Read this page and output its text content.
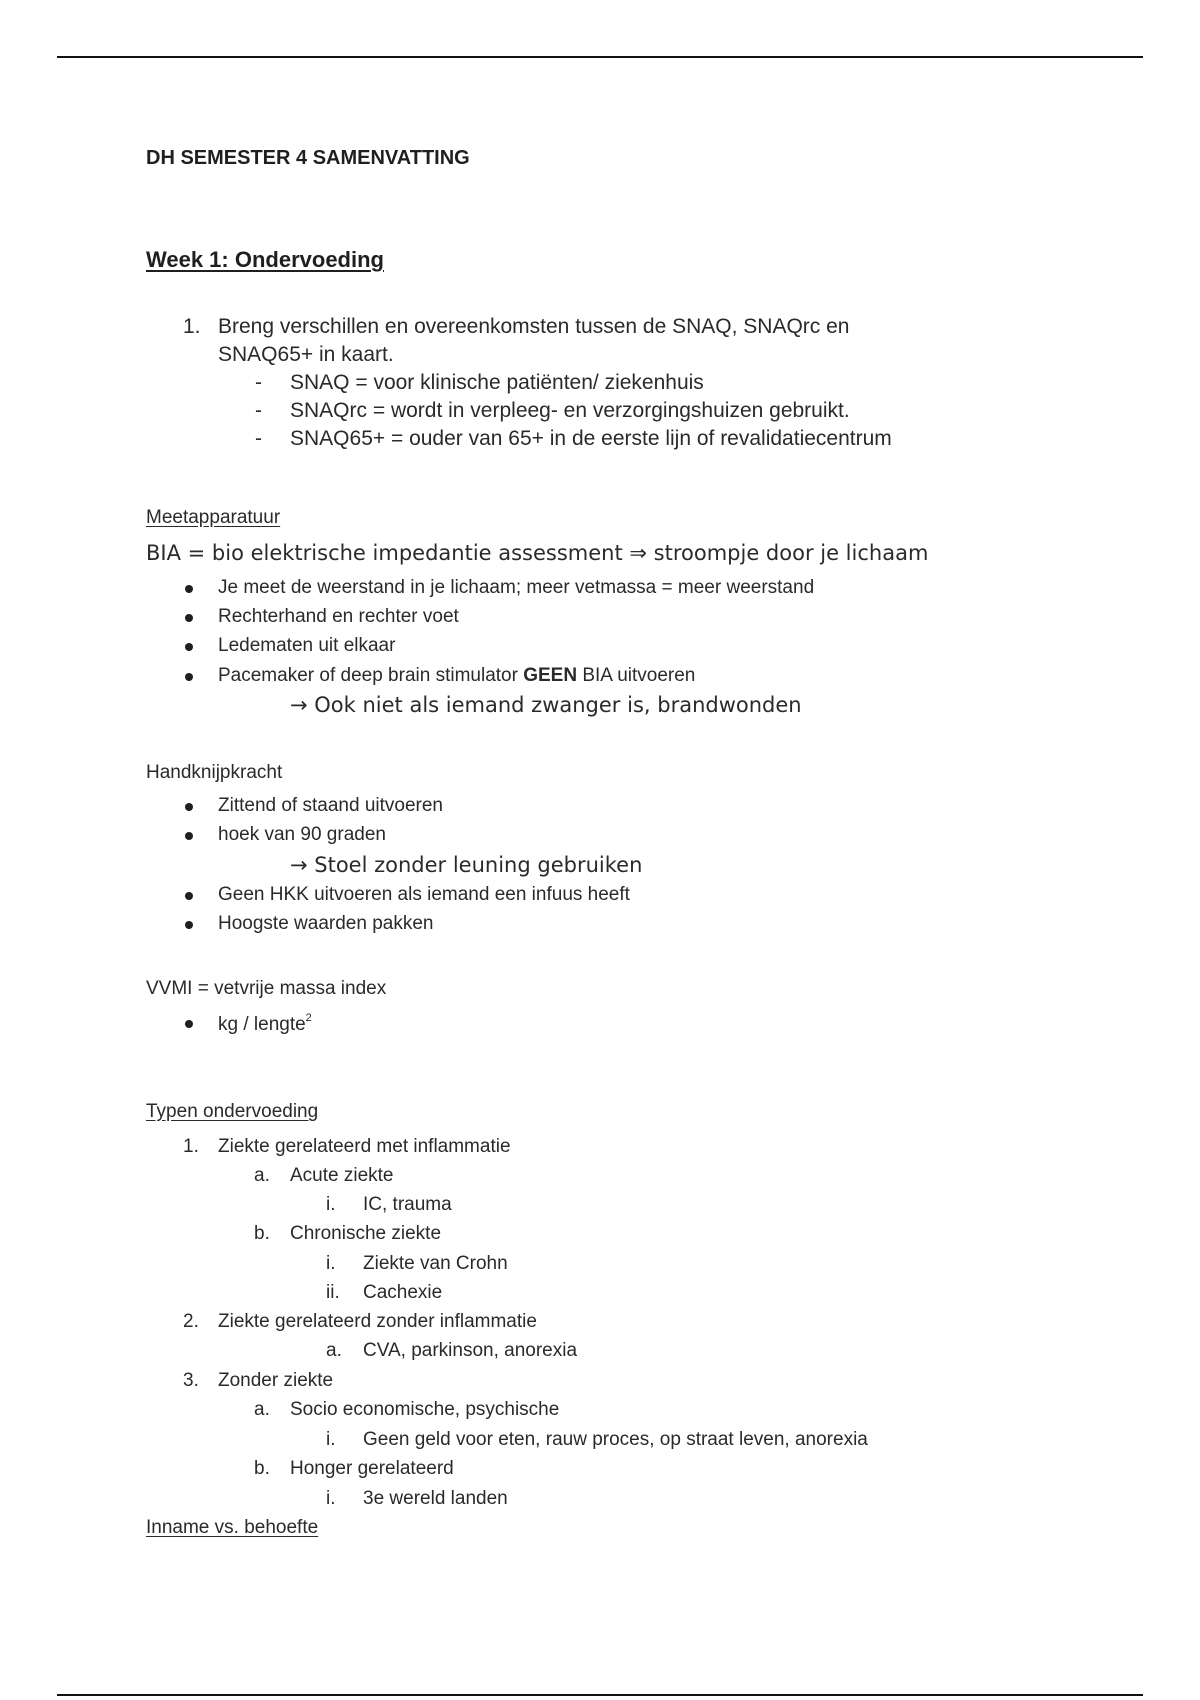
DH SEMESTER 4 SAMENVATTING
Week 1: Ondervoeding
1. Breng verschillen en overeenkomsten tussen de SNAQ, SNAQrc en
SNAQ65+ in kaart.
- SNAQ = voor klinische patiënten/ ziekenhuis
- SNAQrc = wordt in verpleeg- en verzorgingshuizen gebruikt.
- SNAQ65+ = ouder van 65+ in de eerste lijn of revalidatiecentrum
Meetapparatuur
BIA = bio elektrische impedantie assessment ⇒ stroompje door je lichaam
Je meet de weerstand in je lichaam; meer vetmassa = meer weerstand
Rechterhand en rechter voet
Ledematen uit elkaar
Pacemaker of deep brain stimulator GEEN BIA uitvoeren
→ Ook niet als iemand zwanger is, brandwonden
Handknijpkracht
Zittend of staand uitvoeren
hoek van 90 graden
→ Stoel zonder leuning gebruiken
Geen HKK uitvoeren als iemand een infuus heeft
Hoogste waarden pakken
VVMI = vetvrije massa index
kg / lengte$^2$
Typen ondervoeding
1. Ziekte gerelateerd met inflammatie
a. Acute ziekte
i. IC, trauma
b. Chronische ziekte
i. Ziekte van Crohn
ii. Cachexie
2. Ziekte gerelateerd zonder inflammatie
a. CVA, parkinson, anorexia
3. Zonder ziekte
a. Socio economische, psychische
i. Geen geld voor eten, rauw proces, op straat leven, anorexia
b. Honger gerelateerd
i. 3e wereld landen
Inname vs. behoefte
